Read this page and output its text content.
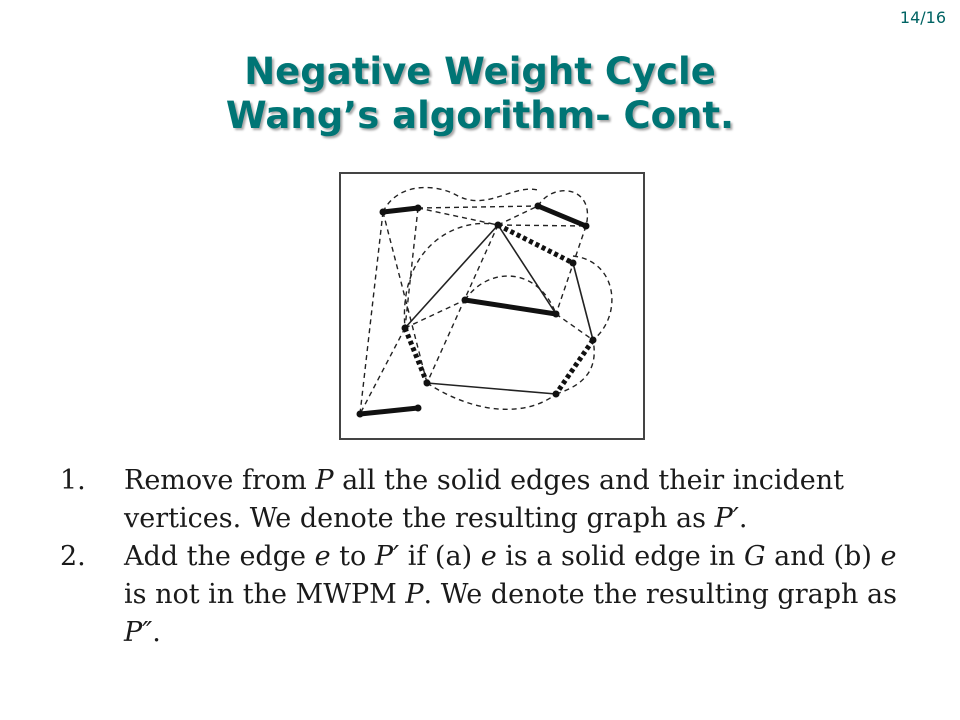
14/16
Negative Weight Cycle
Wang’s algorithm- Cont.
1. Remove from P all the solid edges and their incident vertices. We denote the resulting graph as P′.
2. Add the edge e to P′ if (a) e is a solid edge in G and (b) e is not in the MWPM P. We denote the resulting graph as P″.
